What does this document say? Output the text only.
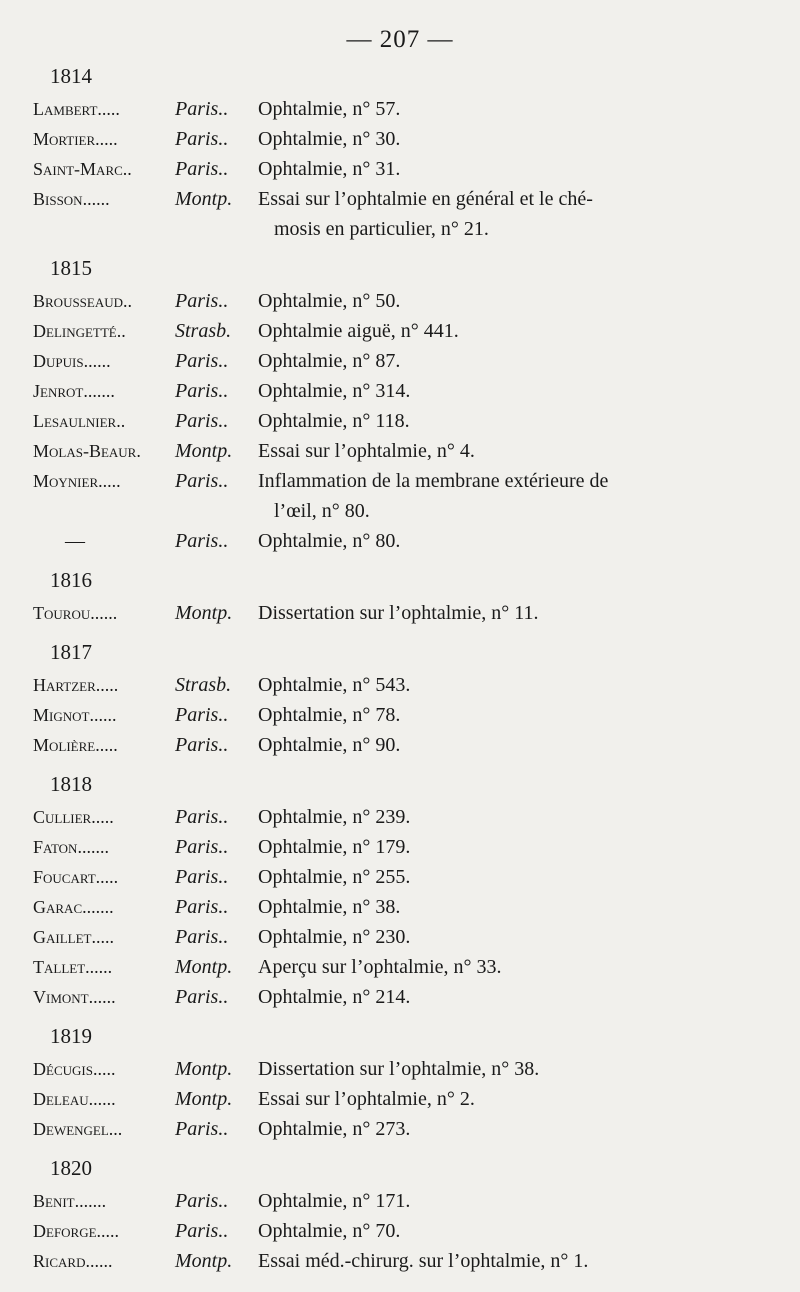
— 207 —
1814
Lambert.....	Paris..	Ophtalmie, n° 57.
Mortier.....	Paris..	Ophtalmie, n° 30.
Saint-Marc..	Paris..	Ophtalmie, n° 31.
Bisson......	Montp.	Essai sur l’ophtalmie en général et le ché-
mosis en particulier, n° 21.
1815
Brousseaud..	Paris..	Ophtalmie, n° 50.
Delingetté..	Strasb.	Ophtalmie aiguë, n° 441.
Dupuis......	Paris..	Ophtalmie, n° 87.
Jenrot.......	Paris..	Ophtalmie, n° 314.
Lesaulnier..	Paris..	Ophtalmie, n° 118.
Molas-Beaur.	Montp.	Essai sur l’ophtalmie, n° 4.
Moynier.....	Paris..	Inflammation de la membrane extérieure de
l’œil, n° 80.
—	Paris..	Ophtalmie, n° 80.
1816
Tourou......	Montp.	Dissertation sur l’ophtalmie, n° 11.
1817
Hartzer.....	Strasb.	Ophtalmie, n° 543.
Mignot......	Paris..	Ophtalmie, n° 78.
Molière.....	Paris..	Ophtalmie, n° 90.
1818
Cullier.....	Paris..	Ophtalmie, n° 239.
Faton.......	Paris..	Ophtalmie, n° 179.
Foucart.....	Paris..	Ophtalmie, n° 255.
Garac.......	Paris..	Ophtalmie, n° 38.
Gaillet.....	Paris..	Ophtalmie, n° 230.
Tallet......	Montp.	Aperçu sur l’ophtalmie, n° 33.
Vimont......	Paris..	Ophtalmie, n° 214.
1819
Décugis.....	Montp.	Dissertation sur l’ophtalmie, n° 38.
Deleau......	Montp.	Essai sur l’ophtalmie, n° 2.
Dewengel...	Paris..	Ophtalmie, n° 273.
1820
Benit.......	Paris..	Ophtalmie, n° 171.
Deforge.....	Paris..	Ophtalmie, n° 70.
Ricard......	Montp.	Essai méd.-chirurg. sur l’ophtalmie, n° 1.
